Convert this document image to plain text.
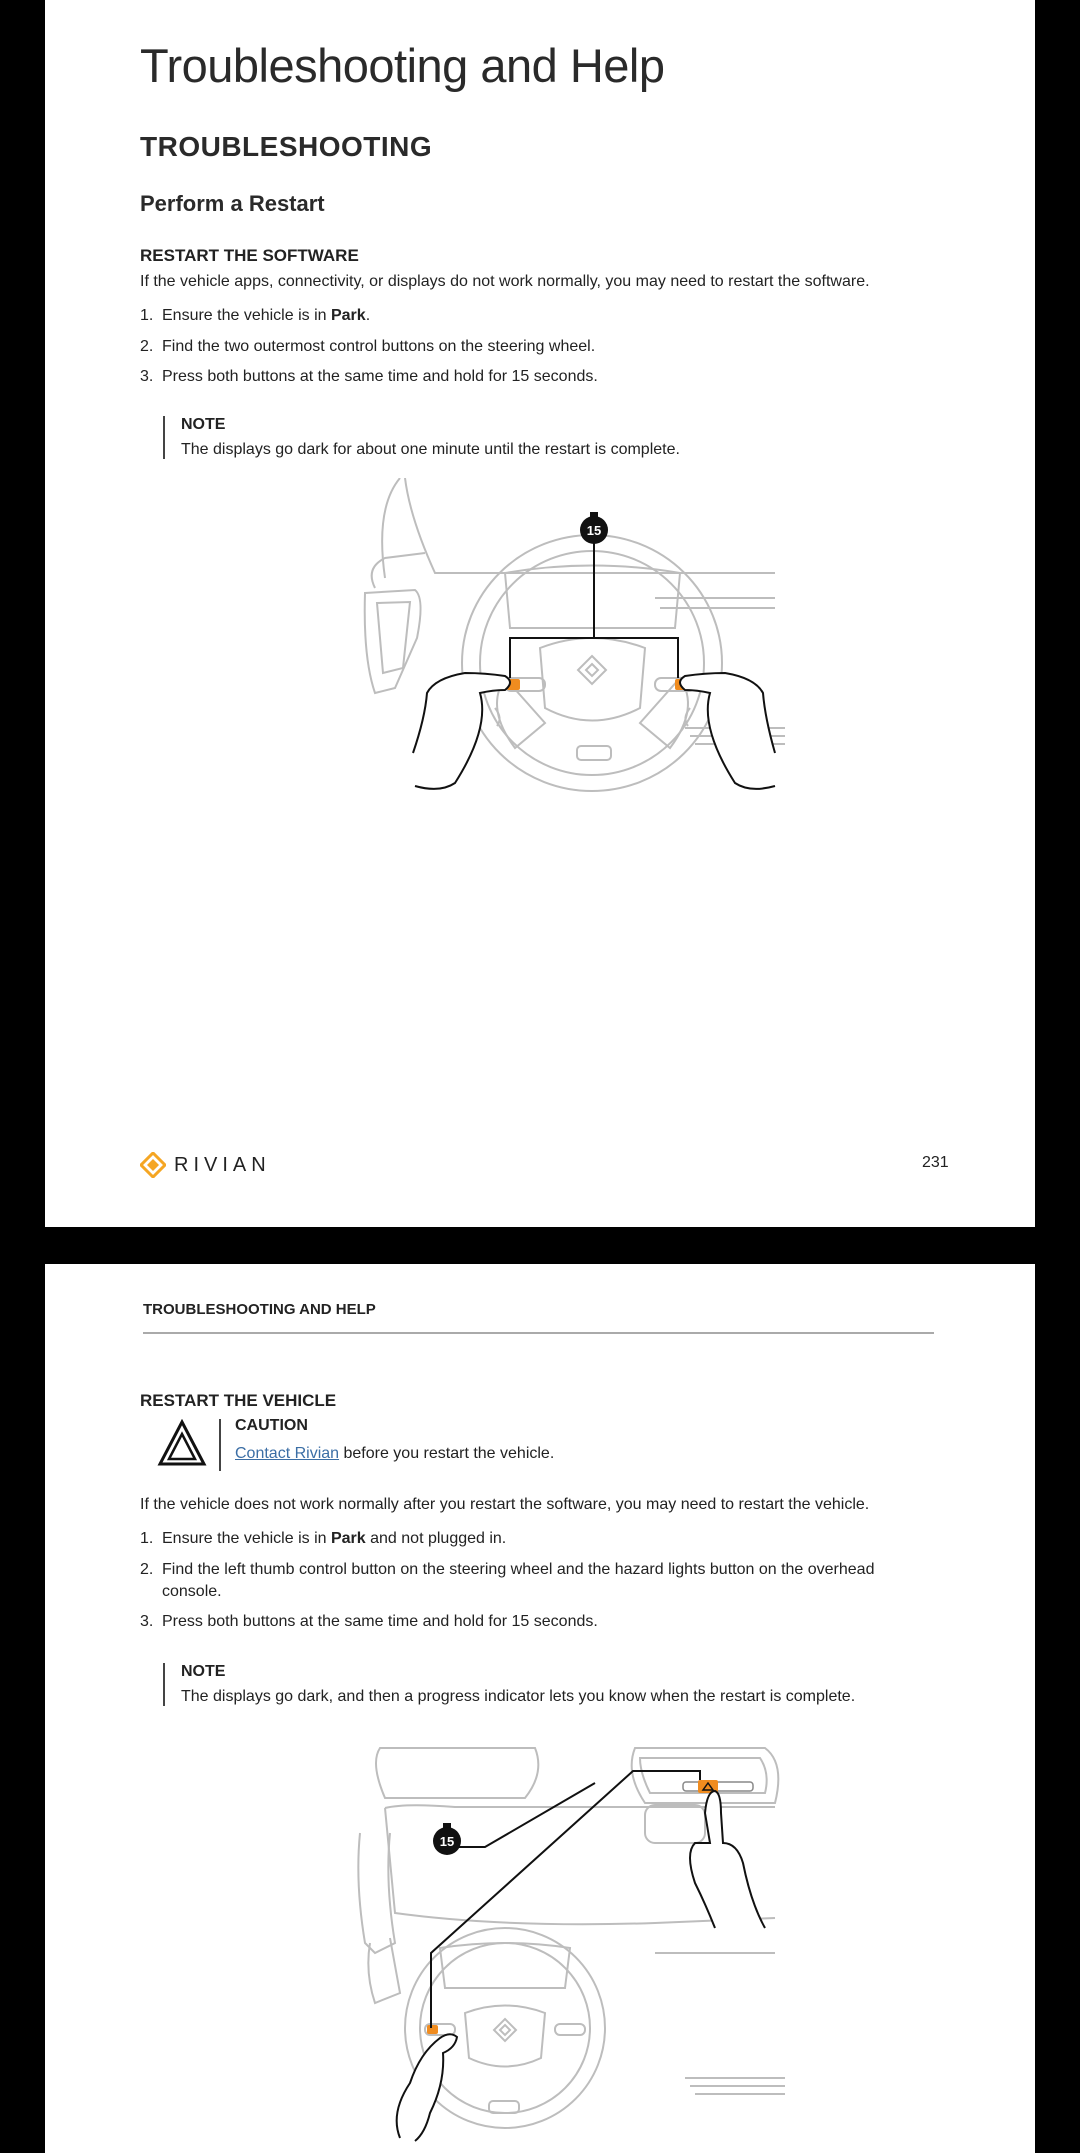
Troubleshooting and Help
TROUBLESHOOTING
Perform a Restart
RESTART THE SOFTWARE
If the vehicle apps, connectivity, or displays do not work normally, you may need to restart the software.
1. Ensure the vehicle is in Park.
2. Find the two outermost control buttons on the steering wheel.
3. Press both buttons at the same time and hold for 15 seconds.
NOTE
The displays go dark for about one minute until the restart is complete.
15
RIVIAN	231
TROUBLESHOOTING AND HELP
RESTART THE VEHICLE
CAUTION
Contact Rivian before you restart the vehicle.
If the vehicle does not work normally after you restart the software, you may need to restart the vehicle.
1. Ensure the vehicle is in Park and not plugged in.
2. Find the left thumb control button on the steering wheel and the hazard lights button on the overhead
console.
3. Press both buttons at the same time and hold for 15 seconds.
NOTE
The displays go dark, and then a progress indicator lets you know when the restart is complete.
15
